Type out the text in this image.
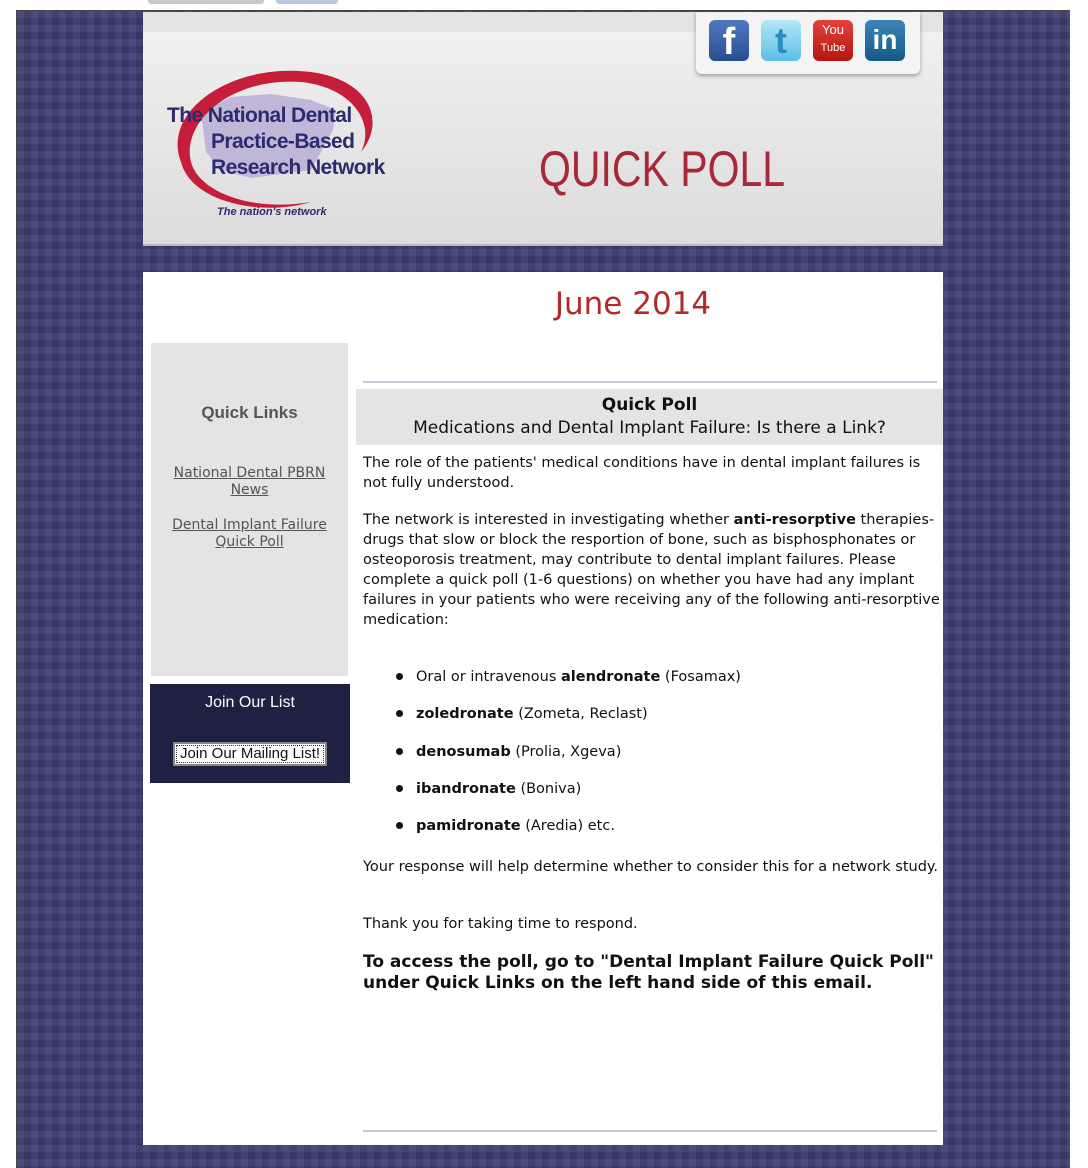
The National Dental
Practice-Based
Research Network
The nation's network
QUICK POLL
f	t	You
Tube in
June 2014
Quick Links
National Dental PBRN
News
Dental Implant Failure
Quick Poll
Join Our List
Join Our Mailing List!
Quick Poll
Medications and Dental Implant Failure: Is there a Link?
The role of the patients' medical conditions have in dental implant failures is not fully understood.
The network is interested in investigating whether anti-resorptive therapies-drugs that slow or block the resportion of bone, such as bisphosphonates or osteoporosis treatment, may contribute to dental implant failures. Please complete a quick poll (1-6 questions) on whether you have had any implant failures in your patients who were receiving any of the following anti-resorptive medication:
Oral or intravenous alendronate (Fosamax)
zoledronate (Zometa, Reclast)
denosumab (Prolia, Xgeva)
ibandronate (Boniva)
pamidronate (Aredia) etc.
Your response will help determine whether to consider this for a network study.
Thank you for taking time to respond.
To access the poll, go to "Dental Implant Failure Quick Poll" under Quick Links on the left hand side of this email.
